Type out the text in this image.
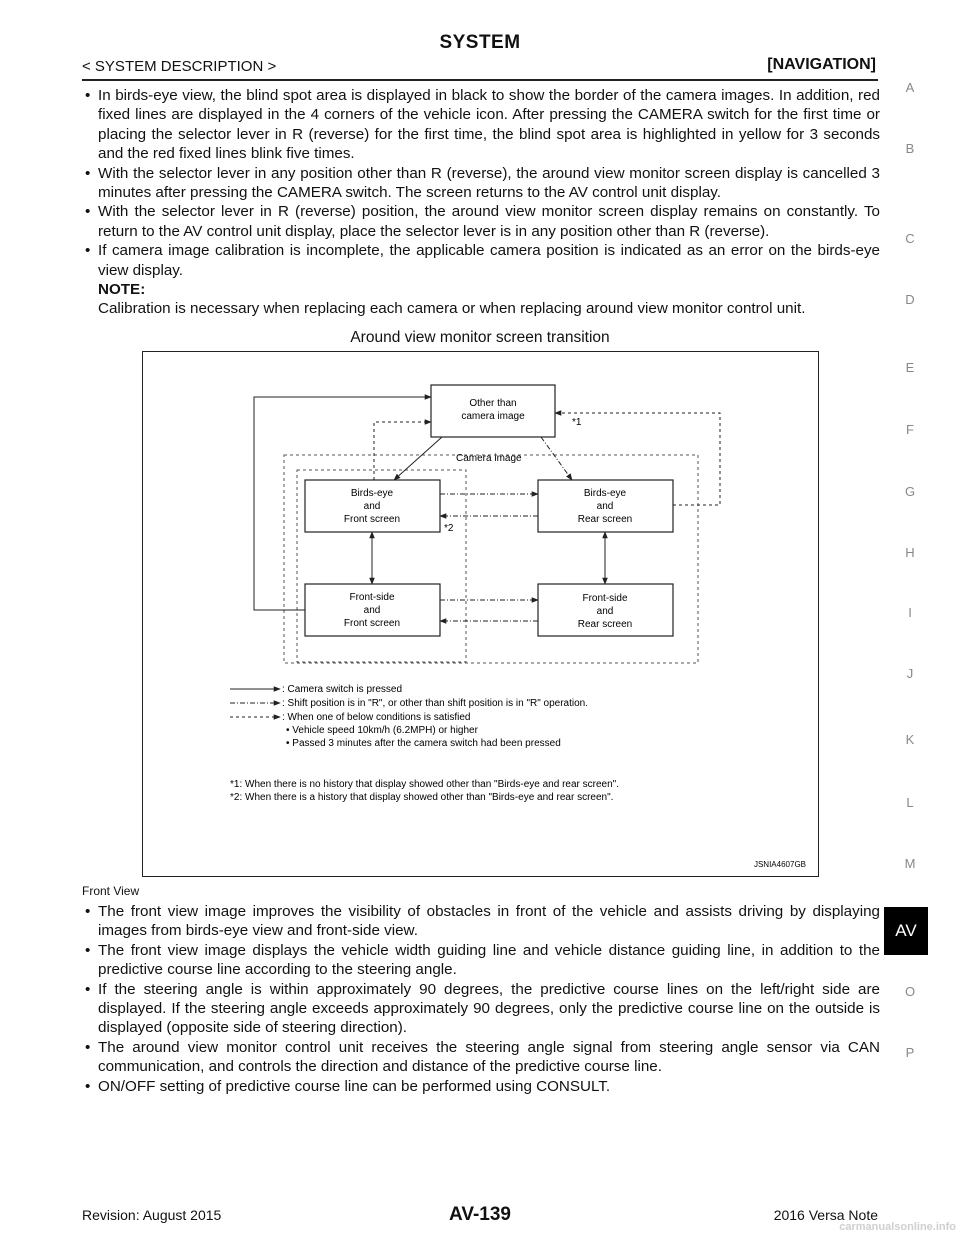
SYSTEM
< SYSTEM DESCRIPTION >	[NAVIGATION]

• In birds-eye view, the blind spot area is displayed in black to show the border of the camera images. In addition, red fixed lines are displayed in the 4 corners of the vehicle icon. After pressing the CAMERA switch for the first time or placing the selector lever in R (reverse) for the first time, the blind spot area is highlighted in yellow for 3 seconds and the red fixed lines blink five times.

• With the selector lever in any position other than R (reverse), the around view monitor screen display is cancelled 3 minutes after pressing the CAMERA switch. The screen returns to the AV control unit display.

• With the selector lever in R (reverse) position, the around view monitor screen display remains on constantly. To return to the AV control unit display, place the selector lever is in any position other than R (reverse).

• If camera image calibration is incomplete, the applicable camera position is indicated as an error on the birds-eye view display.

NOTE:
Calibration is necessary when replacing each camera or when replacing around view monitor control unit.
Around view monitor screen transition
Camera image
Other than
camera image
*1
Birds-eye
and
Front screen
*2
Birds-eye
and
Rear screen
Front-side
and
Front screen
Front-side
and
Rear screen
: Camera switch is pressed
: Shift position is in "R", or other than shift position is in "R" operation.
: When one of below conditions is satisfied
• Vehicle speed 10km/h (6.2MPH) or higher
• Passed 3 minutes after the camera switch had been pressed
*1: When there is no history that display showed other than "Birds-eye and rear screen".
*2: When there is a history that display showed other than "Birds-eye and rear screen".
JSNIA4607GB
Front View

• The front view image improves the visibility of obstacles in front of the vehicle and assists driving by displaying images from birds-eye view and front-side view.

• The front view image displays the vehicle width guiding line and vehicle distance guiding line, in addition to the predictive course line according to the steering angle.

• If the steering angle is within approximately 90 degrees, the predictive course lines on the left/right side are displayed. If the steering angle exceeds approximately 90 degrees, only the predictive course line on the outside is displayed (opposite side of steering direction).

• The around view monitor control unit receives the steering angle signal from steering angle sensor via CAN communication, and controls the direction and distance of the predictive course line.

• ON/OFF setting of predictive course line can be performed using CONSULT.

A
B
C
D
E
F
G
H
I
J
K
L
M
O
P
AV
Revision: August 2015	AV-139	2016 Versa Note
carmanualsonline.info
